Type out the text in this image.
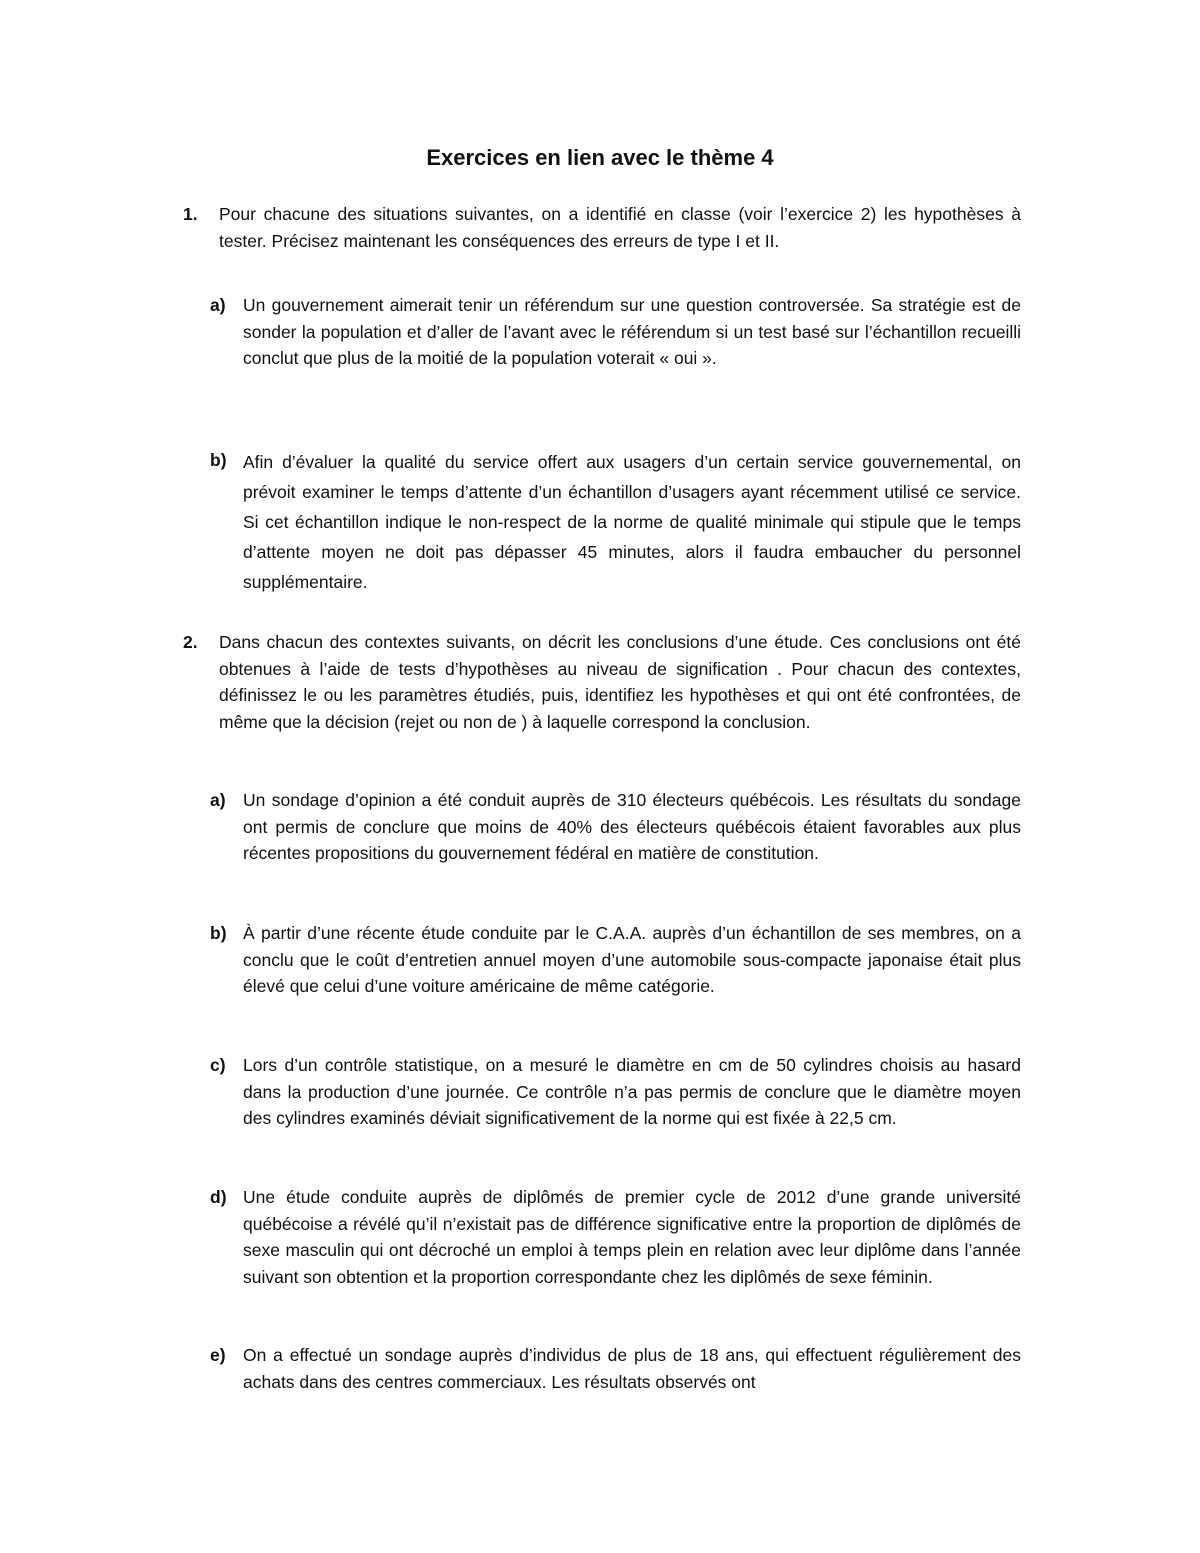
Exercices en lien avec le thème 4
1. Pour chacune des situations suivantes, on a identifié en classe (voir l’exercice 2) les hypothèses à tester. Précisez maintenant les conséquences des erreurs de type I et II.
a) Un gouvernement aimerait tenir un référendum sur une question controversée. Sa stratégie est de sonder la population et d’aller de l’avant avec le référendum si un test basé sur l’échantillon recueilli conclut que plus de la moitié de la population voterait « oui ».
b) Afin d’évaluer la qualité du service offert aux usagers d’un certain service gouvernemental, on prévoit examiner le temps d’attente d’un échantillon d’usagers ayant récemment utilisé ce service. Si cet échantillon indique le non-respect de la norme de qualité minimale qui stipule que le temps d’attente moyen ne doit pas dépasser 45 minutes, alors il faudra embaucher du personnel supplémentaire.
2. Dans chacun des contextes suivants, on décrit les conclusions d’une étude. Ces conclusions ont été obtenues à l’aide de tests d’hypothèses au niveau de signification . Pour chacun des contextes, définissez le ou les paramètres étudiés, puis, identifiez les hypothèses et qui ont été confrontées, de même que la décision (rejet ou non de ) à laquelle correspond la conclusion.
a) Un sondage d’opinion a été conduit auprès de 310 électeurs québécois. Les résultats du sondage ont permis de conclure que moins de 40% des électeurs québécois étaient favorables aux plus récentes propositions du gouvernement fédéral en matière de constitution.
b) À partir d’une récente étude conduite par le C.A.A. auprès d’un échantillon de ses membres, on a conclu que le coût d’entretien annuel moyen d’une automobile sous-compacte japonaise était plus élevé que celui d’une voiture américaine de même catégorie.
c) Lors d’un contrôle statistique, on a mesuré le diamètre en cm de 50 cylindres choisis au hasard dans la production d’une journée. Ce contrôle n’a pas permis de conclure que le diamètre moyen des cylindres examinés déviait significativement de la norme qui est fixée à 22,5 cm.
d) Une étude conduite auprès de diplômés de premier cycle de 2012 d’une grande université québécoise a révélé qu’il n’existait pas de différence significative entre la proportion de diplômés de sexe masculin qui ont décroché un emploi à temps plein en relation avec leur diplôme dans l’année suivant son obtention et la proportion correspondante chez les diplômés de sexe féminin.
e) On a effectué un sondage auprès d’individus de plus de 18 ans, qui effectuent régulièrement des achats dans des centres commerciaux. Les résultats observés ont
